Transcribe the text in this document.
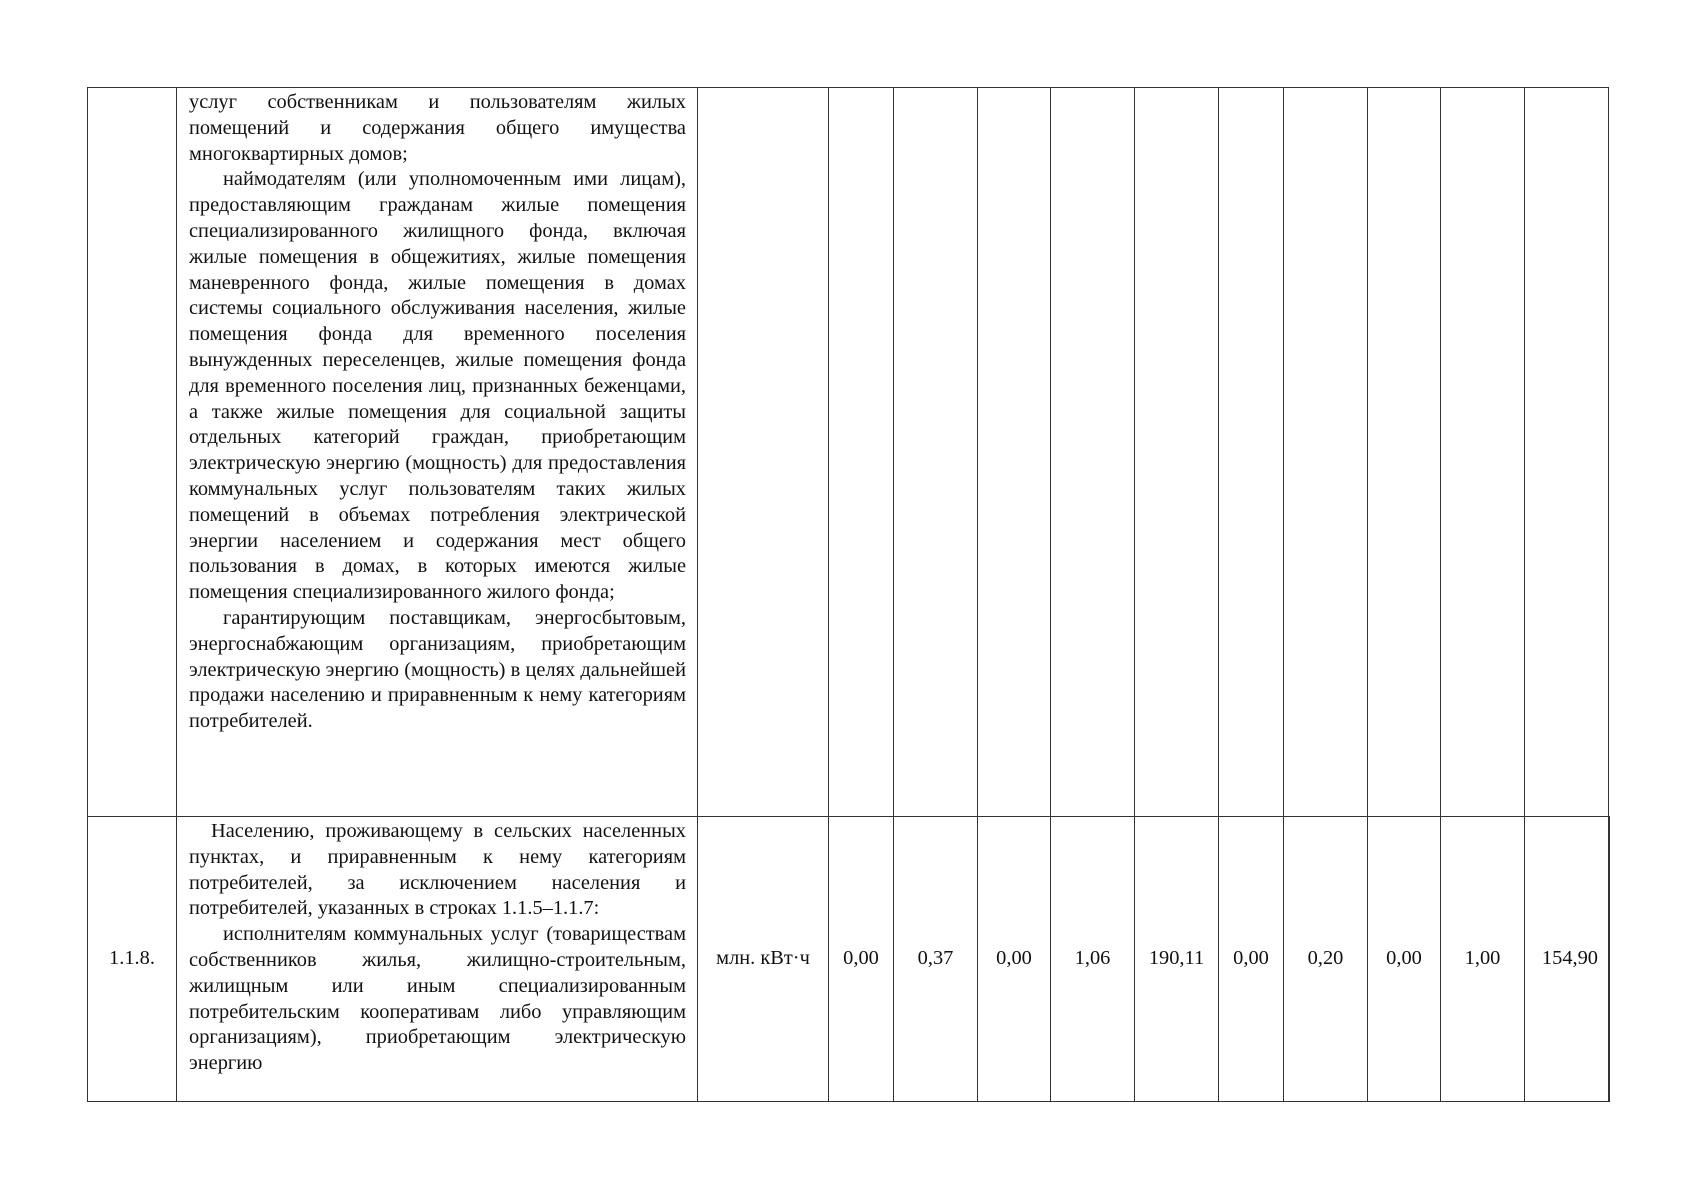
	услуг собственникам и пользователям жилых помещений и содержания общего имущества многоквартирных домов;

наймодателям (или уполномоченным ими лицам), предоставляющим гражданам жилые помещения специализированного жилищного фонда, включая жилые помещения в общежитиях, жилые помещения маневренного фонда, жилые помещения в домах системы социального обслуживания населения, жилые помещения фонда для временного поселения вынужденных переселенцев, жилые помещения фонда для временного поселения лиц, признанных беженцами, а также жилые помещения для социальной защиты отдельных категорий граждан, приобретающим электрическую энергию (мощность) для предоставления коммунальных услуг пользователям таких жилых помещений в объемах потребления электрической энергии населением и содержания мест общего пользования в домах, в которых имеются жилые помещения специализированного жилого фонда;

гарантирующим поставщикам, энергосбытовым, энергоснабжающим организациям, приобретающим электрическую энергию (мощность) в целях дальнейшей продажи населению и приравненным к нему категориям потребителей.												

1.1.8.	Населению, проживающему в сельских населенных пунктах, и приравненным к нему категориям потребителей, за исключением населения и потребителей, указанных в строках 1.1.5–1.1.7:

исполнителям коммунальных услуг (товариществам собственников жилья, жилищно-строительным, жилищным или иным специализированным потребительским кооперативам либо управляющим организациям), приобретающим электрическую энергию	млн. кВт·ч	0,00	0,37	0,00	1,06	190,11	0,00	0,20	0,00	1,00	154,90	
